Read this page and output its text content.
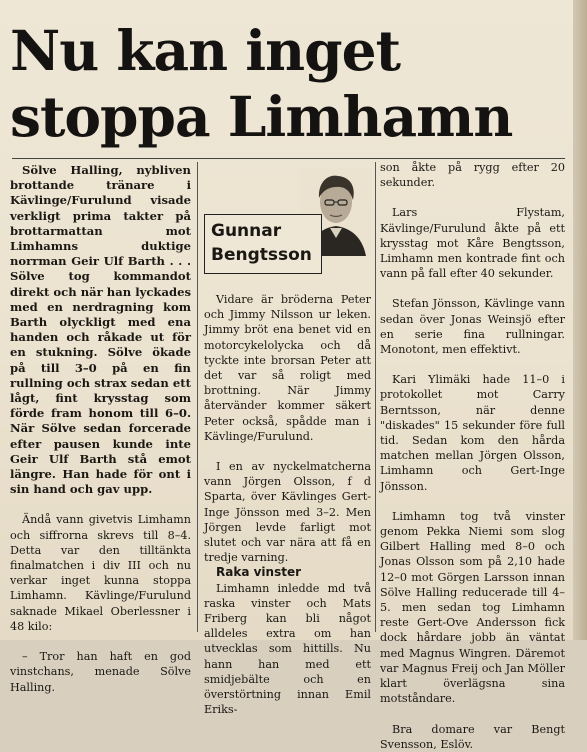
Nu kan inget
stoppa Limhamn

Sölve Halling, nybliven brottande tränare i Kävlinge/Furulund visade verkligt prima takter på brottarmattan mot Limhamns duktige norrman Geir Ulf Barth . . . Sölve tog kommandot direkt och när han lyckades med en nerdragning kom Barth olyckligt med ena handen och råkade ut för en stukning. Sölve ökade på till 3–0 på en fin rullning och strax sedan ett lågt, fint krysstag som förde fram honom till 6–0. När Sölve sedan forcerade efter pausen kunde inte Geir Ulf Barth stå emot längre. Han hade för ont i sin hand och gav upp.

Ändå vann givetvis Limhamn och siffrorna skrevs till 8–4. Detta var den tilltänkta finalmatchen i div III och nu verkar inget kunna stoppa Limhamn. Kävlinge/Furulund saknade Mikael Oberlessner i 48 kilo:

– Tror han haft en god vinstchans, menade Sölve Halling.

Gunnar
Bengtsson

Vidare är bröderna Peter och Jimmy Nilsson ur leken. Jimmy bröt ena benet vid en motorcykelolycka och då tyckte inte brorsan Peter att det var så roligt med brottning. När Jimmy återvänder kommer säkert Peter också, spådde man i Kävlinge/Furulund.

I en av nyckelmatcherna vann Jörgen Olsson, f d Sparta, över Kävlinges Gert-Inge Jönsson med 3–2. Men Jörgen levde farligt mot slutet och var nära att få en tredje varning.

Raka vinster

Limhamn inledde md två raska vinster och Mats Friberg kan bli något alldeles extra om han utvecklas som hittills. Nu hann han med ett smidjebälte och en överstörtning innan Emil Eriks-

son åkte på rygg efter 20 sekunder.

Lars Flystam, Kävlinge/Furulund åkte på ett krysstag mot Kåre Bengtsson, Limhamn men kontrade fint och vann på fall efter 40 sekunder.

Stefan Jönsson, Kävlinge vann sedan över Jonas Weinsjö efter en serie fina rullningar. Monotont, men effektivt.

Kari Ylimäki hade 11–0 i protokollet mot Carry Berntsson, när denne "diskades" 15 sekunder före full tid. Sedan kom den hårda matchen mellan Jörgen Olsson, Limhamn och Gert-Inge Jönsson.

Limhamn tog två vinster genom Pekka Niemi som slog Gilbert Halling med 8–0 och Jonas Olsson som på 2,10 hade 12–0 mot Görgen Larsson innan Sölve Halling reducerade till 4–5. men sedan tog Limhamn reste Gert-Ove Andersson fick dock hårdare jobb än väntat med Magnus Wingren. Däremot var Magnus Freij och Jan Möller klart överlägsna sina motståndare.

Bra domare var Bengt Svensson, Eslöv.
